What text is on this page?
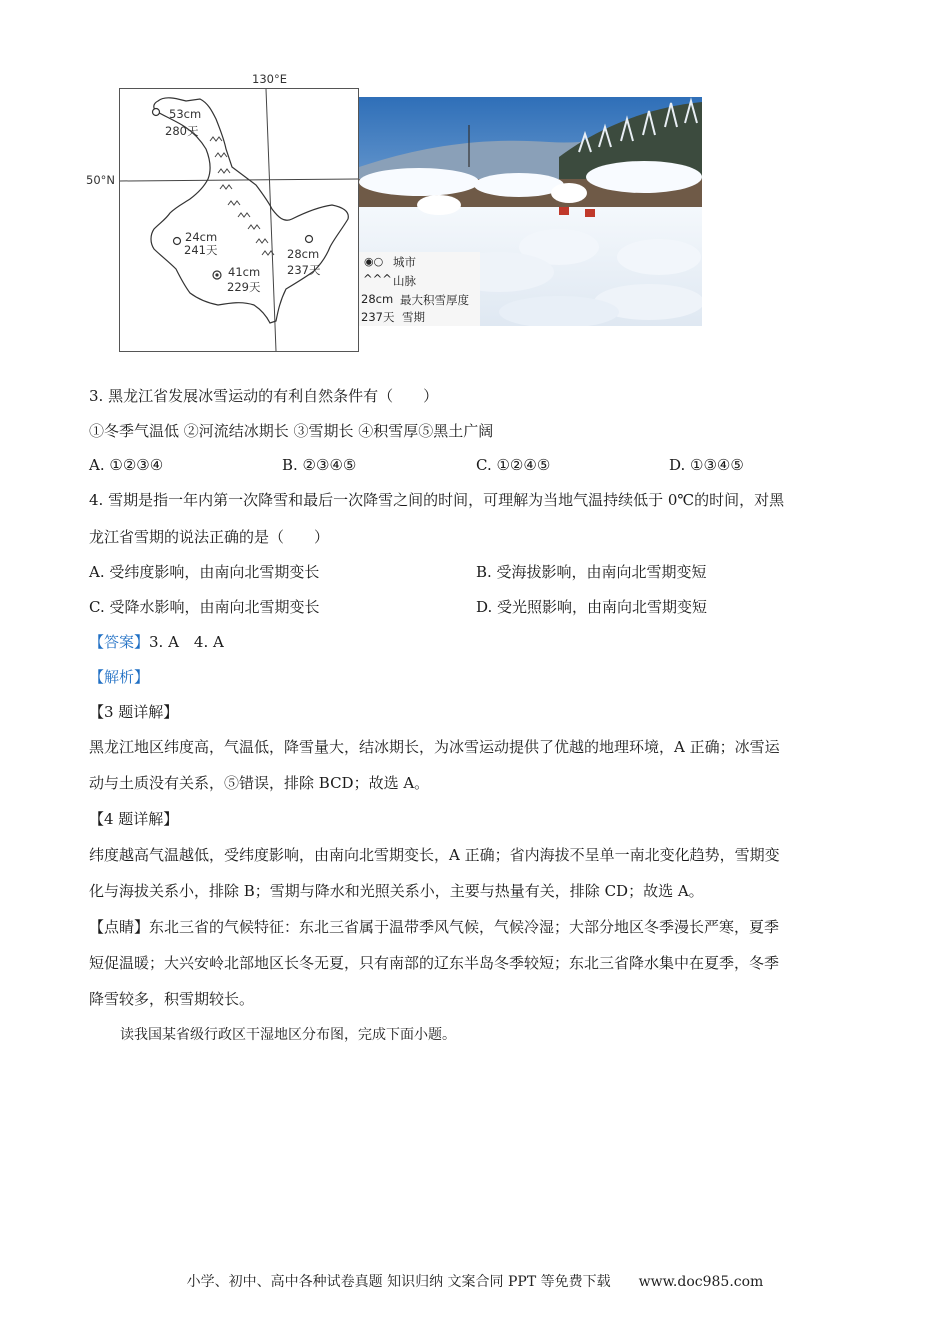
130°E
50°N
53cm
280天
24cm
241天
41cm
229天
28cm
237天
◉○ 城市
^^^ 山脉
28cm 最大积雪厚度
237天 雪期
3. 黑龙江省发展冰雪运动的有利自然条件有（　　）
①冬季气温低 ②河流结冰期长 ③雪期长 ④积雪厚⑤黑土广阔
A. ①②③④	B. ②③④⑤	C. ①②④⑤	D. ①③④⑤
4. 雪期是指一年内第一次降雪和最后一次降雪之间的时间，可理解为当地气温持续低于 0℃的时间，对黑
龙江省雪期的说法正确的是（　　）
A. 受纬度影响，由南向北雪期变长	B. 受海拔影响，由南向北雪期变短
C. 受降水影响，由南向北雪期变长	D. 受光照影响，由南向北雪期变短
【答案】3. A　4. A
【解析】
【3 题详解】
黑龙江地区纬度高，气温低，降雪量大，结冰期长，为冰雪运动提供了优越的地理环境，A 正确；冰雪运
动与土质没有关系，⑤错误，排除 BCD；故选 A。
【4 题详解】
纬度越高气温越低，受纬度影响，由南向北雪期变长，A 正确；省内海拔不呈单一南北变化趋势，雪期变
化与海拔关系小，排除 B；雪期与降水和光照关系小，主要与热量有关，排除 CD；故选 A。
【点睛】东北三省的气候特征：东北三省属于温带季风气候，气候冷湿；大部分地区冬季漫长严寒，夏季
短促温暖；大兴安岭北部地区长冬无夏，只有南部的辽东半岛冬季较短；东北三省降水集中在夏季，冬季
降雪较多，积雪期较长。
读我国某省级行政区干湿地区分布图，完成下面小题。
小学、初中、高中各种试卷真题 知识归纳 文案合同 PPT 等免费下载　　www.doc985.com
